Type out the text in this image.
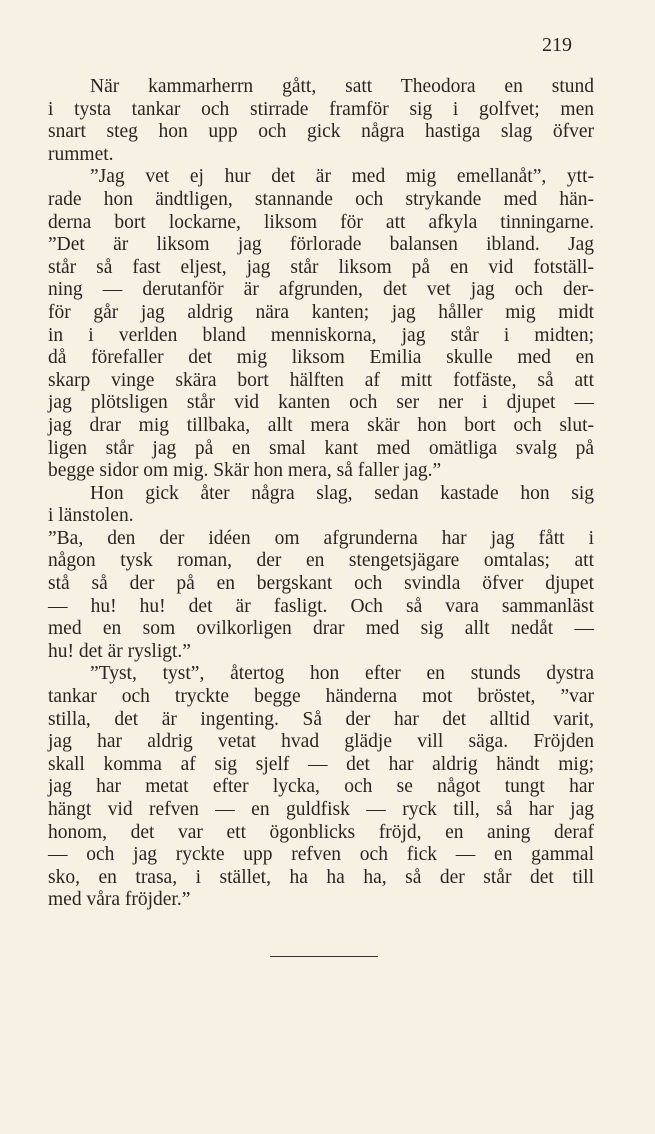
219
När kammarherrn gått, satt Theodora en stund
i tysta tankar och stirrade framför sig i golfvet; men
snart steg hon upp och gick några hastiga slag öfver
rummet.
”Jag vet ej hur det är med mig emellanåt”, ytt-
rade hon ändtligen, stannande och strykande med hän-
derna bort lockarne, liksom för att afkyla tinningarne.
”Det är liksom jag förlorade balansen ibland. Jag
står så fast eljest, jag står liksom på en vid fotställ-
ning — derutanför är afgrunden, det vet jag och der-
för går jag aldrig nära kanten; jag håller mig midt
in i verlden bland menniskorna, jag står i midten;
då förefaller det mig liksom Emilia skulle med en
skarp vinge skära bort hälften af mitt fotfäste, så att
jag plötsligen står vid kanten och ser ner i djupet —
jag drar mig tillbaka, allt mera skär hon bort och slut-
ligen står jag på en smal kant med omätliga svalg på
begge sidor om mig. Skär hon mera, så faller jag.”
Hon gick åter några slag, sedan kastade hon sig
i länstolen.
”Ba, den der idéen om afgrunderna har jag fått i
någon tysk roman, der en stengetsjägare omtalas; att
stå så der på en bergskant och svindla öfver djupet
— hu! hu! det är fasligt. Och så vara sammanläst
med en som ovilkorligen drar med sig allt nedåt —
hu! det är rysligt.”
”Tyst, tyst”, återtog hon efter en stunds dystra
tankar och tryckte begge händerna mot bröstet, ”var
stilla, det är ingenting. Så der har det alltid varit,
jag har aldrig vetat hvad glädje vill säga. Fröjden
skall komma af sig sjelf — det har aldrig händt mig;
jag har metat efter lycka, och se något tungt har
hängt vid refven — en guldfisk — ryck till, så har jag
honom, det var ett ögonblicks fröjd, en aning deraf
— och jag ryckte upp refven och fick — en gammal
sko, en trasa, i stället, ha ha ha, så der står det till
med våra fröjder.”
